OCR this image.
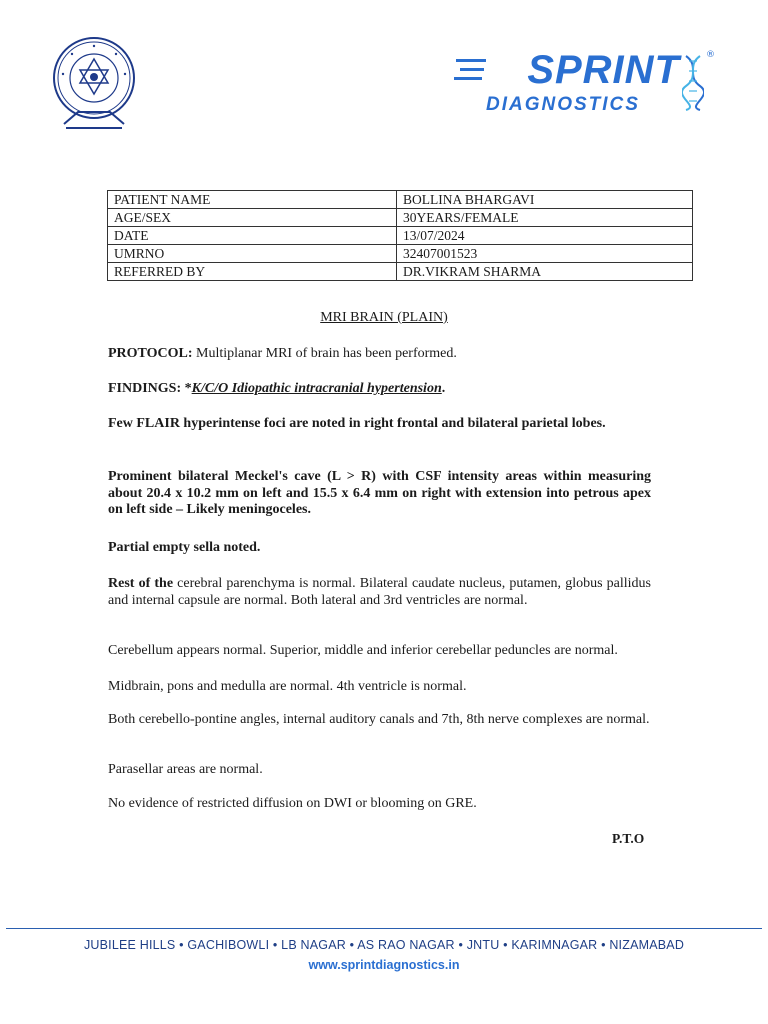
SPRINT	®
DIAGNOSTICS
PATIENT NAME	BOLLINA BHARGAVI
AGE/SEX	30YEARS/FEMALE
DATE	13/07/2024
UMRNO	32407001523
REFERRED BY	DR.VIKRAM SHARMA
MRI BRAIN (PLAIN)
PROTOCOL: Multiplanar MRI of brain has been performed.
FINDINGS: *K/C/O Idiopathic intracranial hypertension.
Few FLAIR hyperintense foci are noted in right frontal and bilateral parietal lobes.
Prominent bilateral Meckel's cave (L > R) with CSF intensity areas within measuring about 20.4 x 10.2 mm on left and 15.5 x 6.4 mm on right with extension into petrous apex on left side – Likely meningoceles.
Partial empty sella noted.
Rest of the cerebral parenchyma is normal. Bilateral caudate nucleus, putamen, globus pallidus and internal capsule are normal. Both lateral and 3rd ventricles are normal.
Cerebellum appears normal. Superior, middle and inferior cerebellar peduncles are normal.
Midbrain, pons and medulla are normal. 4th ventricle is normal.
Both cerebello-pontine angles, internal auditory canals and 7th, 8th nerve complexes are normal.
Parasellar areas are normal.
No evidence of restricted diffusion on DWI or blooming on GRE.
P.T.O
JUBILEE HILLS • GACHIBOWLI • LB NAGAR • AS RAO NAGAR • JNTU • KARIMNAGAR • NIZAMABAD
www.sprintdiagnostics.in
